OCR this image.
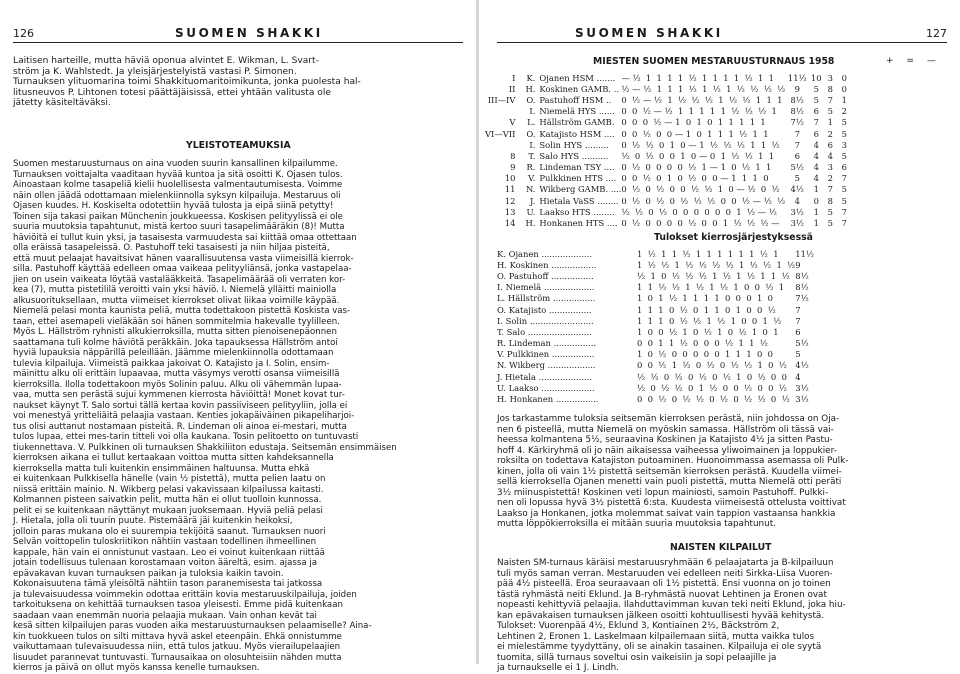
126	SUOMEN SHAKKI
Laitisen harteille, mutta häviä oponua alvintet E. Wikman, L. Svart-
ström ja K. Wahlstedt. Ja yleisjärjestelyistä vastasi P. Simonen.
Turnauksen ylituomarina toimi Shakkituomaritoimikunta, jonka puolesta hal-
litusneuvos P. Lihtonen totesi päättäjäisissä, ettei yhtään valitusta ole
jätetty käsiteltäväksi.
YLEISTOTEAMUKSIA
Suomen mestaruusturnaus on aina vuoden suurin kansallinen kilpailumme.
Turnauksen voittajalta vaaditaan hyvää kuntoa ja sitä osoitti K. Ojasen tulos.
Ainoastaan kolme tasapeliä kielii huolellisesta valmentautumisesta. Voimme
näin ollen jäädä odottamaan mielenkiinnolla syksyn kilpailuja. Mestaruus oli
Ojasen kuudes. H. Koskiselta odotettiin hyvää tulosta ja eipä siinä petytty!
Toinen sija takasi paikan Münchenin joukkueessa. Koskisen pelityylissä ei ole
suuria muutoksia tapahtunut, mistä kertoo suuri tasapelimääräkin (8)! Mutta
häviöitä ei tullut kuin yksi, ja tasaisesta varmuudesta sai kiittää omaa ottettaan
olla eräissä tasapeleissä. O. Pastuhoff teki tasaisesti ja niin hiljaa pisteitä,
että muut pelaajat havaitsivat hänen vaarallisuutensa vasta viimeisillä kierrok-
silla. Pastuhoff käyttää edelleen omaa vaikeaa pelityyliänsä, jonka vastapelaa-
jien on usein vaikeata löytää vastalääkkeitä. Tasapelimäärää oli verraten kor-
kea (7), mutta pistetililä veroitti vain yksi häviö. I. Niemelä ylläitti mainiolla
alkusuorituksellaan, mutta viimeiset kierrokset olivat liikaa voimille käypää.
Niemelä pelasi monta kaunista peliä, mutta todettakoon pistettä Koskista vas-
taan, ettei asemapeli vieläkään soi hänen sommitelmia hakevalle tyylilleen.
Myös L. Hällström ryhnisti alkukierroksilla, mutta sitten pienoisenepäonnen
saattamana tuli kolme häviötä peräkkäin. Joka tapauksessa Hällström antoi
hyviä lupauksia näppärillä peleillään. Jäämme mielenkiinnolla odottamaan
tulevia kilpailuja. Viimeistä paikkaa jakoivat O. Katajisto ja I. Solin, ensim-
mäinittu alku oli erittäin lupaavaa, mutta väsymys verotti osansa viimeisillä
kierroksilla. Ilolla todettakoon myös Solinin paluu. Alku oli vähemmän lupaa-
vaa, mutta sen perästä sujui kymmenen kierrosta häviöittä! Monet kovat tur-
naukset käynyt T. Salo sortui tällä kertaa kovin passiiviseen pelityyliin, jolla ei
voi menestyä yritteliäitä pelaajia vastaan. Kenties jokapäiväinen pikapeliharjoi-
tus olisi auttanut nostamaan pisteitä. R. Lindeman oli ainoa ei-mestari, mutta
tulos lupaa, ettei mes-tarin titteli voi olla kaukana. Tosin pelitoetto on tuntuvasti
tiukennettava. V. Pulkkinen oli turnauksen Shakkiliiton edustaja. Seitsemän ensimmäisen
kierroksen aikana ei tullut kertaakaan voittoa mutta sitten kahdeksannella
kierroksella matta tuli kuitenkin ensimmäinen haltuunsa. Mutta ehkä
ei kuitenkaan Pulkkisella hänelle (vain ½ pistettä), mutta pelien laatu on
niissä erittäin mainio. N. Wikberg pelasi vakavissaan kilpailussa kaitasti.
Kolmannen pisteen saivatkin pelit, mutta hän ei ollut tuolloin kunnossa.
pelit ei se kuitenkaan näyttänyt mukaan juoksemaan. Hyviä peliä pelasi
J. Hietala, jolla oli tuurin puute. Pistemäärä jäi kuitenkin heikoksi,
jolloin paras mukana olo ei suurempia tekijöitä saanut. Turnauksen nuori
Selvän voittopelin tuloskriitikon nähtiin vastaan todellinen ihmeellinen
kappale, hän vain ei onnistunut vastaan. Leo ei voinut kuitenkaan riittää
jotain todellisuus tulenaan korostamaan voiton ääreltä, esim. ajassa ja
epävakavan kuvan turnauksen paikan ja tuloksia kaikin tavoin.
Kokonaisuutena tämä yleisöltä nähtiin tason paranemisesta tai jatkossa
ja tulevaisuudessa voimmekin odottaa erittäin kovia mestaruuskilpailuja, joiden
tarkoituksena on kehittää turnauksen tasoa yleisesti. Emme pidä kuitenkaan
saadaan vaan enemmän nuoria pelaajia mukaan. Vain onhan kevät tai
kesä sitten kilpailujen paras vuoden aika mestaruusturnauksen pelaamiselle? Aina-
kin tuokkueen tulos on silti mittava hyvä askel eteenpäin. Ehkä onnistumme
vaikuttamaan tulevaisuudessa niin, että tulos jatkuu. Myös vierailupelaajien
lisuudet parannevat tuntuvasti. Turnausaikaa on olosuhteisiin nähden mutta
kierros ja päivä on ollut myös kanssa kenelle turnauksen.
SUOMEN SHAKKI	127
MIESTEN SUOMEN MESTARUUSTURNAUS 1958	+ = —
I	K.	Ojanen HSM .......	— ½  1  1  1  1  ½  1  1  1  1  ½  1  1	11½	10	3	0
II	H.	Koskinen GAMB. ..	½ — ½  1  1  1  ½  1  ½  1  ½  ½  ½  ½	9	5	8	0
III—IV	O.	Pastuhoff HSM ..	0  ½ — ½  1  ½  ½  ½  1  ½  ½  1  1  1	8½	5	7	1
	I.	Niemelä HYS ......	0  0  ½ — ½  1  1  1  1  1  ½  ½  ½  1	8½	6	5	2
V	L.	Hällström GAMB.	0  0  0  ½ — 1  0  1  0  1  1  1  1  1	7½	7	1	5
VI—VII	O.	Katajisto HSM ....	0  0  ½  0  0 — 1  0  1  1  1  ½  1  1	7	6	2	5
	I.	Solin HYS .........	0  ½  ½  0  1  0 — 1  ½  ½  ½  1  1  ½	7	4	6	3
8	T.	Salo HYS ..........	½  0  ½  0  0  1  0 — 0  1  ½  ½  1  1	6	4	4	5
9	R.	Lindeman TSY ....	0  ½  0  0  0  0  ½  1 — 1  0  ½  1  1	5½	4	3	6
10	V.	Pulkkinen HTS ....	0  0  ½  0  1  0  ½  0  0 — 1  1  1  0	5	4	2	7
11	N.	Wikberg GAMB. ....	0  ½  0  ½  0  0  ½  ½  1  0 — ½  0  ½	4½	1	7	5
12	J.	Hietala VaSS ........	0  ½  0  ½  0  ½  ½  ½  0  0  ½ — ½  ½	4	0	8	5
13	U.	Laakso HTS ........	½  ½  0  ½  0  0  0  0  0  0  1  ½ — ½	3½	1	5	7
14	H.	Honkanen HTS ....	0  ½  0  0  0  0  ½  0  0  1  ½  ½  ½ —	3½	1	5	7
Tulokset kierrosjärjestyksessä
K. Ojanen ...................	1  ½  1  1  ½  1  1  1  1  1  1  ½  1	11½
H. Koskinen .................	1  ½  ½  1  ½  ½  ½  ½  1  ½  ½  1  ½	9
O. Pastuhoff ................	½  1  0  ½  ½  ½  1  ½  1  ½  1  1  ½	8½
I. Niemelä ...................	1  1  ½  ½  1  ½  1  ½  1  0  0  ½  1	8½
L. Hällström ................	1  0  1  ½  1  1  1  1  0  0  0  1  0	7½
O. Katajisto ................	1  1  1  0  ½  0  1  1  0  1  0  0  ½	7
I. Solin ........................	1  1  1  0  ½  ½  1  ½  1  0  0  1  ½	7
T. Salo ........................	1  0  0  ½  1  0  ½  1  0  ½  1  0  1	6
R. Lindeman ................	0  0  1  1  ½  0  0  0  ½  1  1  ½	5½
V. Pulkkinen ................	1  0  ½  0  0  0  0  0  1  1  1  0  0	5
N. Wikberg ..................	0  0  ½  1  ½  0  ½  0  ½  ½  1  0  ½	4½
J. Hietala ....................	½  ½  0  ½  0  ½  0  ½  1  0  ½  0  0	4
U. Laakso ....................	½  0  ½  ½  0  1  ½  0  0  ½  0  0  ½	3½
H. Honkanen ................	0  0  ½  0  ½  ½  0  ½  0  ½  ½  0  ½	3½
Jos tarkastamme tuloksia seitsemän kierroksen perästä, niin johdossa on Oja-
nen 6 pisteellä, mutta Niemelä on myöskin samassa. Hällström oli tässä vai-
heessa kolmantena 5½, seuraavina Koskinen ja Katajisto 4½ ja sitten Pastu-
hoff 4. Kärkiryhmä oli jo näin aikaisessa vaiheessa yliwoimainen ja loppukier-
roksilta on todettava Katajiston putoaminen. Huonoimmassa asemassa oli Pulk-
kinen, jolla oli vain 1½ pistettä seitsemän kierroksen perästä. Kuudella viimei-
sellä kierroksella Ojanen menetti vain puoli pistettä, mutta Niemelä otti peräti
3½ miinuspistettä! Koskinen veti lopun mainiosti, samoin Pastuhoff. Pulkki-
nen oli lopussa hyvä 3½ pistettä 6:sta. Kuudesta viimeisestä ottelusta voittivat
Laakso ja Honkanen, jotka molemmat saivat vain tappion vastaansa hankkia
mutta löppökierroksilla ei mitään suuria muutoksia tapahtunut.
NAISTEN KILPAILUT
Naisten SM-turnaus käräisi mestaruusryhmään 6 pelaajatarta ja B-kilpailuun
tuli myös saman verran. Mestaruuden vei edelleen neiti Sirkka-Liisa Vuoren-
pää 4½ pisteellä. Eroa seuraavaan oli 1½ pistettä. Ensi vuonna on jo toinen
tästä ryhmästä neiti Eklund. Ja B-ryhmästä nuovat Lehtinen ja Eronen ovat
nopeasti kehittyviä pelaajia. Ilahduttavimman kuvan teki neiti Eklund, joka hiu-
kan epävakaisen turnauksen jälkeen osoitti kohtuullisesti hyvää kehitystä.
Tulokset: Vuorenpää 4½, Eklund 3, Kontiainen 2½, Bäckström 2,
Lehtinen 2, Eronen 1. Laskelmaan kilpailemaan siitä, mutta vaikka tulos
ei mielestämme tyydyttäny, oli se ainakin tasainen. Kilpailuja ei ole syytä
tuomita, sillä turnaus soveltui osin vaikeisiin ja sopi pelaajille ja
ja turnaukselle ei 1 J. Lindh.
